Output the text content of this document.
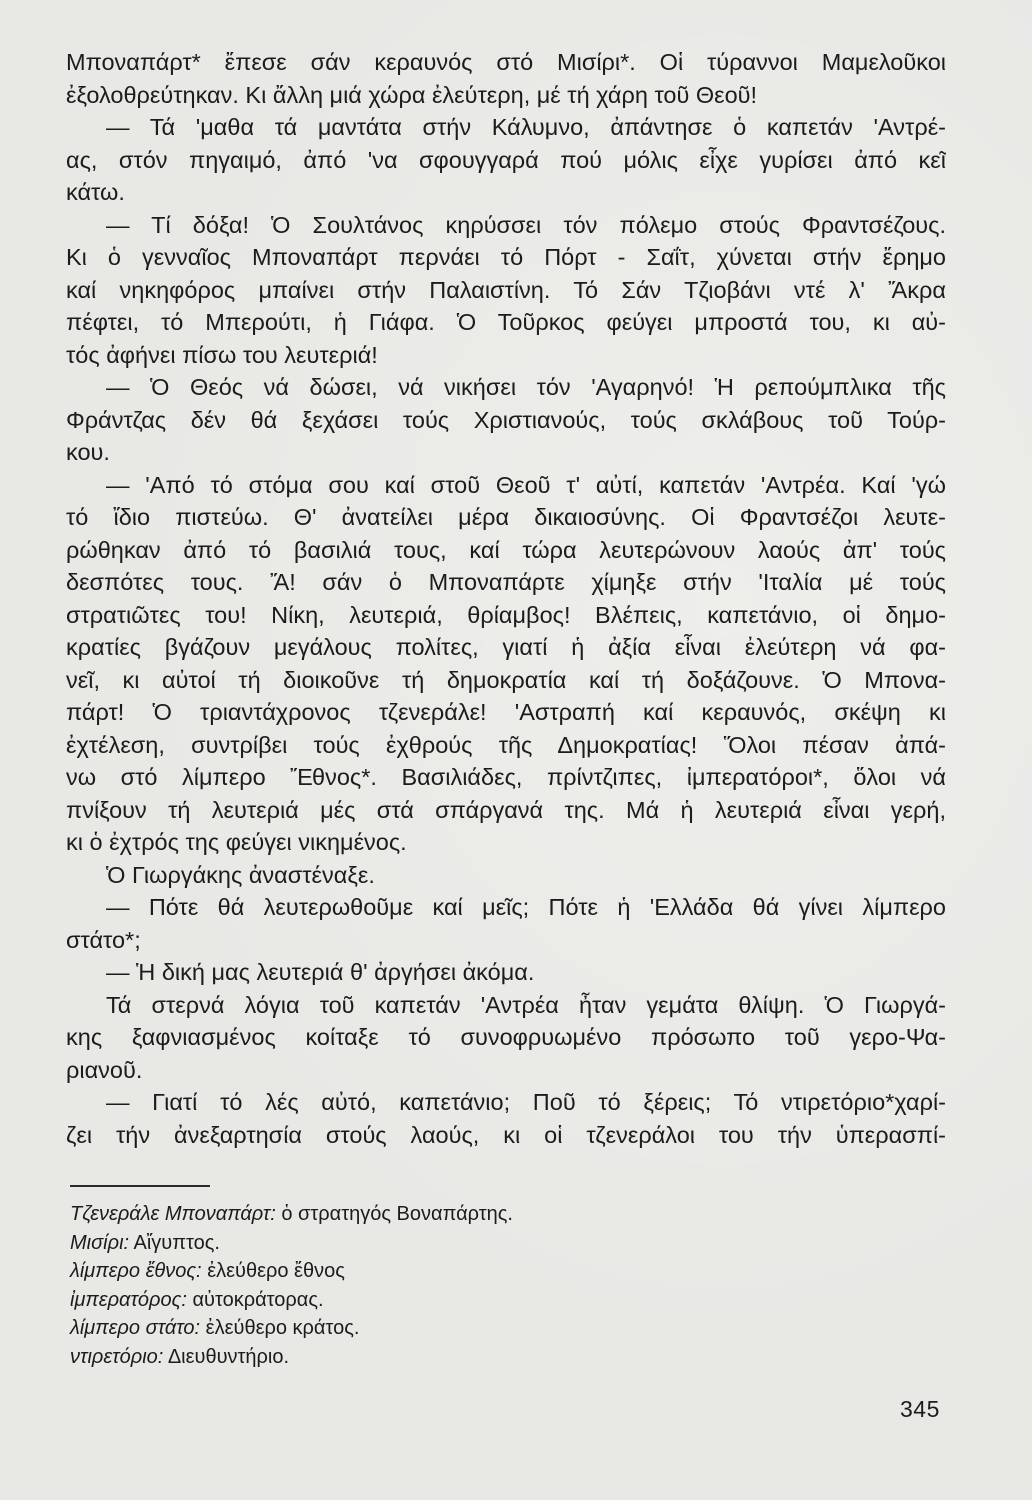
Μποναπάρτ* ἔπεσε σάν κεραυνός στό Μισίρι*. Οἱ τύραννοι Μαμελοῦκοι
ἐξολοθρεύτηκαν. Κι ἄλλη μιά χώρα ἐλεύτερη, μέ τή χάρη τοῦ Θεοῦ!
— Τά 'μαθα τά μαντάτα στήν Κάλυμνο, ἀπάντησε ὁ καπετάν 'Αντρέ-
ας, στόν πηγαιμό, ἀπό 'να σφουγγαρά πού μόλις εἶχε γυρίσει ἀπό κεῖ
κάτω.
— Τί δόξα! Ὁ Σουλτάνος κηρύσσει τόν πόλεμο στούς Φραντσέζους.
Κι ὁ γενναῖος Μποναπάρτ περνάει τό Πόρτ - Σαΐτ, χύνεται στήν ἔρημο
καί νηκηφόρος μπαίνει στήν Παλαιστίνη. Τό Σάν Τζιοβάνι ντέ λ' Ἄκρα
πέφτει, τό Μπερούτι, ἡ Γιάφα. Ὁ Τοῦρκος φεύγει μπροστά του, κι αὐ-
τός ἀφήνει πίσω του λευτεριά!
— Ὁ Θεός νά δώσει, νά νικήσει τόν 'Αγαρηνό! Ἡ ρεπούμπλικα τῆς
Φράντζας δέν θά ξεχάσει τούς Χριστιανούς, τούς σκλάβους τοῦ Τούρ-
κου.
— 'Από τό στόμα σου καί στοῦ Θεοῦ τ' αὐτί, καπετάν 'Αντρέα. Καί 'γώ
τό ἴδιο πιστεύω. Θ' ἀνατείλει μέρα δικαιοσύνης. Οἱ Φραντσέζοι λευτε-
ρώθηκαν ἀπό τό βασιλιά τους, καί τώρα λευτερώνουν λαούς ἀπ' τούς
δεσπότες τους. Ἄ! σάν ὁ Μποναπάρτε χίμηξε στήν 'Ιταλία μέ τούς
στρατιῶτες του! Νίκη, λευτεριά, θρίαμβος! Βλέπεις, καπετάνιο, οἱ δημο-
κρατίες βγάζουν μεγάλους πολίτες, γιατί ἡ ἀξία εἶναι ἐλεύτερη νά φα-
νεῖ, κι αὐτοί τή διοικοῦνε τή δημοκρατία καί τή δοξάζουνε. Ὁ Μπονα-
πάρτ! Ὁ τριαντάχρονος τζενεράλε! 'Αστραπή καί κεραυνός, σκέψη κι
ἐχτέλεση, συντρίβει τούς ἐχθρούς τῆς Δημοκρατίας! Ὅλοι πέσαν ἀπά-
νω στό λίμπερο Ἔθνος*. Βασιλιάδες, πρίντζιπες, ἰμπερατόροι*, ὅλοι νά
πνίξουν τή λευτεριά μές στά σπάργανά της. Μά ἡ λευτεριά εἶναι γερή,
κι ὁ ἐχτρός της φεύγει νικημένος.
Ὁ Γιωργάκης ἀναστέναξε.
— Πότε θά λευτερωθοῦμε καί μεῖς; Πότε ἡ 'Ελλάδα θά γίνει λίμπερο
στάτο*;
— Ἡ δική μας λευτεριά θ' ἀργήσει ἀκόμα.
Τά στερνά λόγια τοῦ καπετάν 'Αντρέα ἦταν γεμάτα θλίψη. Ὁ Γιωργά-
κης ξαφνιασμένος κοίταξε τό συνοφρυωμένο πρόσωπο τοῦ γερο-Ψα-
ριανοῦ.
— Γιατί τό λές αὐτό, καπετάνιο; Ποῦ τό ξέρεις; Τό ντιρετόριο*χαρί-
ζει τήν ἀνεξαρτησία στούς λαούς, κι οἱ τζενεράλοι του τήν ὑπερασπί-
Τζενεράλε Μποναπάρτ: ὁ στρατηγός Βοναπάρτης.
Μισίρι: Αἴγυπτος.
λίμπερο ἔθνος: ἐλεύθερο ἔθνος
ἰμπερατόρος: αὐτοκράτορας.
λίμπερο στάτο: ἐλεύθερο κράτος.
ντιρετόριο: Διευθυντήριο.
345
